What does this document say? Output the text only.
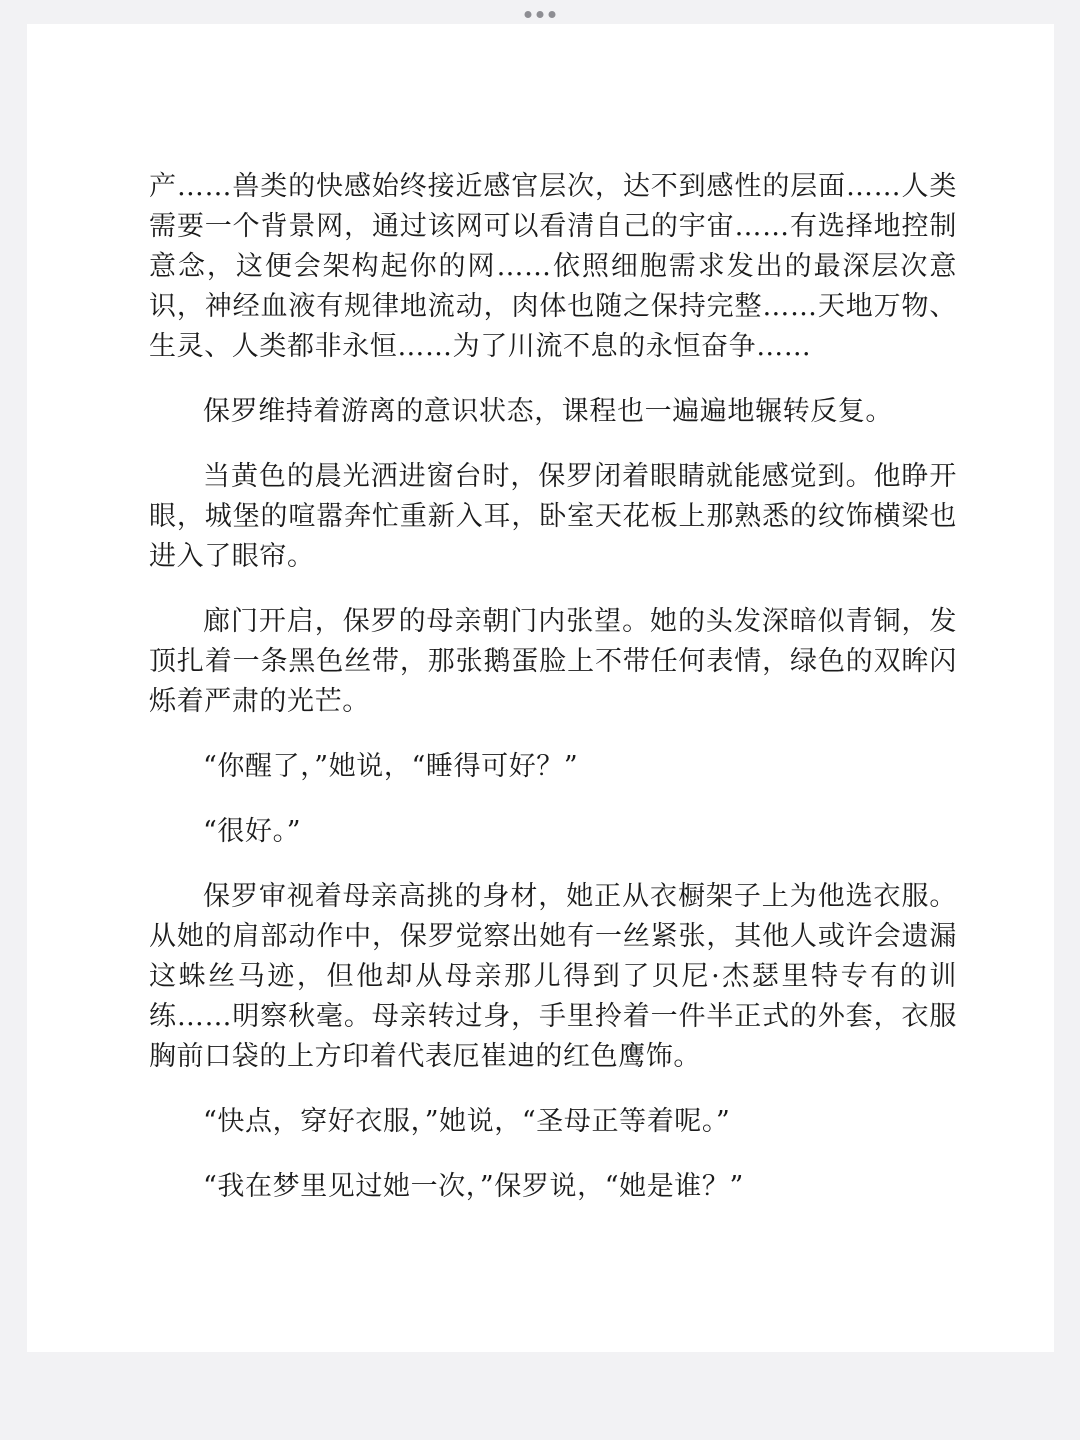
产……兽类的快感始终接近感官层次，达不到感性的层面……人类需要一个背景网，通过该网可以看清自己的宇宙……有选择地控制意念，这便会架构起你的网……依照细胞需求发出的最深层次意识，神经血液有规律地流动，肉体也随之保持完整……天地万物、生灵、人类都非永恒……为了川流不息的永恒奋争……

保罗维持着游离的意识状态，课程也一遍遍地辗转反复。

当黄色的晨光洒进窗台时，保罗闭着眼睛就能感觉到。他睁开眼，城堡的喧嚣奔忙重新入耳，卧室天花板上那熟悉的纹饰横梁也进入了眼帘。

廊门开启，保罗的母亲朝门内张望。她的头发深暗似青铜，发顶扎着一条黑色丝带，那张鹅蛋脸上不带任何表情，绿色的双眸闪烁着严肃的光芒。

“你醒了，”她说，“睡得可好？”

“很好。”

保罗审视着母亲高挑的身材，她正从衣橱架子上为他选衣服。从她的肩部动作中，保罗觉察出她有一丝紧张，其他人或许会遗漏这蛛丝马迹，但他却从母亲那儿得到了贝尼·杰瑟里特专有的训练……明察秋毫。母亲转过身，手里拎着一件半正式的外套，衣服胸前口袋的上方印着代表厄崔迪的红色鹰饰。

“快点，穿好衣服，”她说，“圣母正等着呢。”

“我在梦里见过她一次，”保罗说，“她是谁？”
